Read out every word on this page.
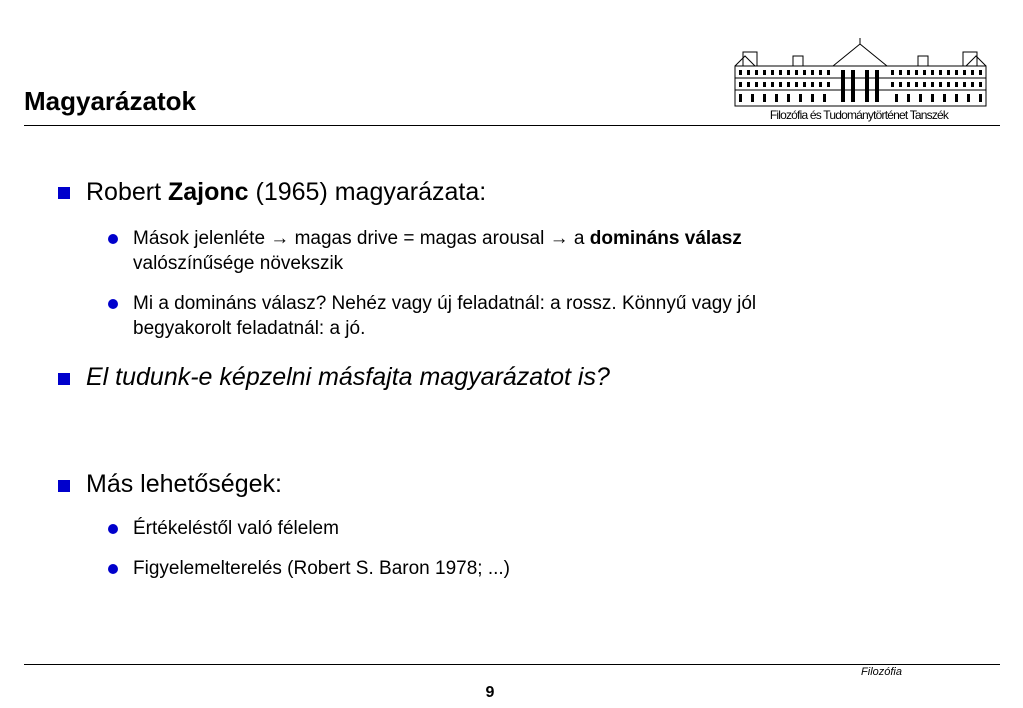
Magyarázatok	Filozófia és Tudománytörténet Tanszék

Robert Zajonc (1965) magyarázata:

Mások jelenléte → magas drive = magas arousal → a domináns válasz
valószínűsége növekszik

Mi a domináns válasz? Nehéz vagy új feladatnál: a rossz. Könnyű vagy jól
begyakorolt feladatnál: a jó.

El tudunk-e képzelni másfajta magyarázatot is?

Más lehetőségek:

Értékeléstől való félelem

Figyelemelterelés (Robert S. Baron 1978; ...)

Filozófia
9
